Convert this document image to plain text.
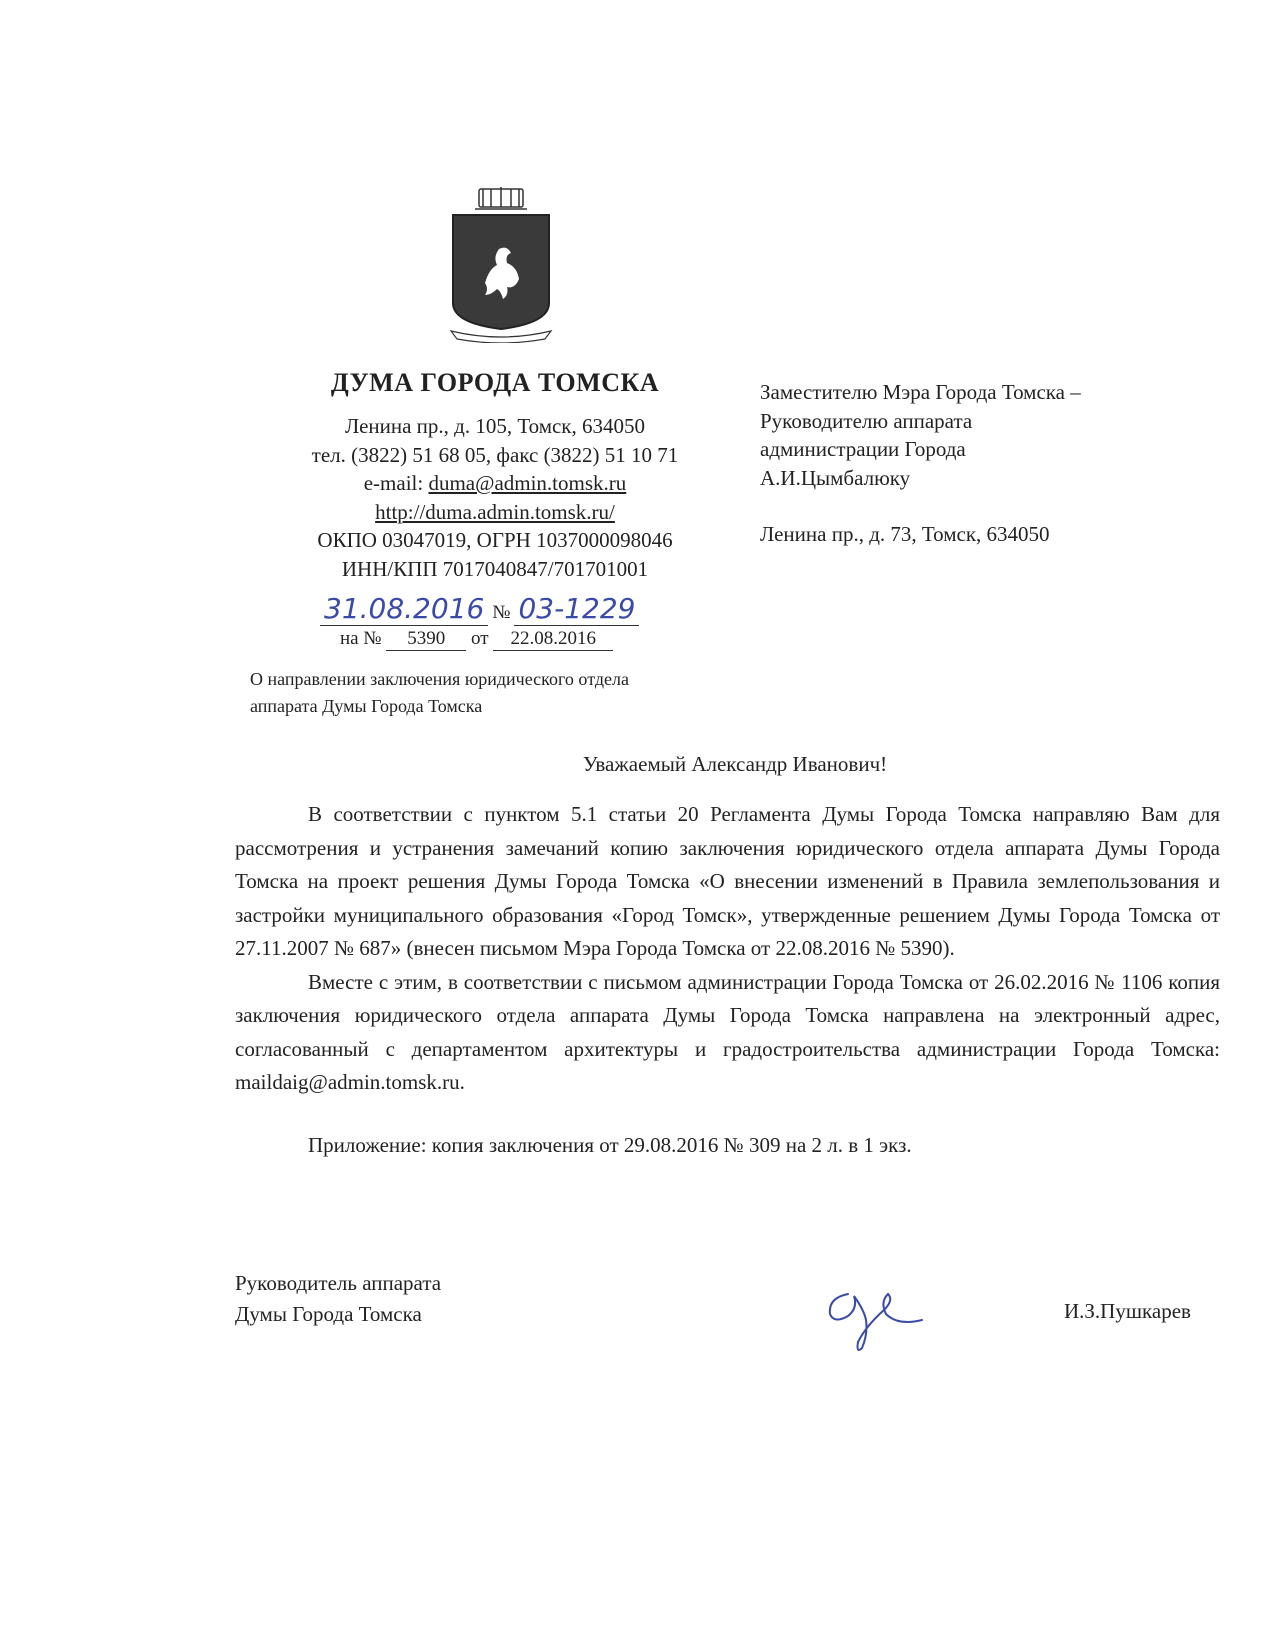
ДУМА ГОРОДА ТОМСКА
Ленина пр., д. 105, Томск, 634050
тел. (3822) 51 68 05, факс (3822) 51 10 71
e-mail: duma@admin.tomsk.ru
http://duma.admin.tomsk.ru/
ОКПО 03047019, ОГРН 1037000098046
ИНН/КПП 7017040847/701701001
Заместителю Мэра Города Томска –
Руководителю аппарата
администрации Города
А.И.Цымбалюку
Ленина пр., д. 73, Томск, 634050
31.08.2016 № 03-1229
на № 5390 от 22.08.2016
О направлении заключения юридического отдела
аппарата Думы Города Томска
Уважаемый Александр Иванович!

В соответствии с пунктом 5.1 статьи 20 Регламента Думы Города Томска направляю Вам для рассмотрения и устранения замечаний копию заключения юридического отдела аппарата Думы Города Томска на проект решения Думы Города Томска «О внесении изменений в Правила землепользования и застройки муниципального образования «Город Томск», утвержденные решением Думы Города Томска от 27.11.2007 № 687» (внесен письмом Мэра Города Томска от 22.08.2016 № 5390).

Вместе с этим, в соответствии с письмом администрации Города Томска от 26.02.2016 № 1106 копия заключения юридического отдела аппарата Думы Города Томска направлена на электронный адрес, согласованный с департаментом архитектуры и градостроительства администрации Города Томска: maildaig@admin.tomsk.ru.

Приложение: копия заключения от 29.08.2016 № 309 на 2 л. в 1 экз.
Руководитель аппарата
Думы Города Томска	И.З.Пушкарев
